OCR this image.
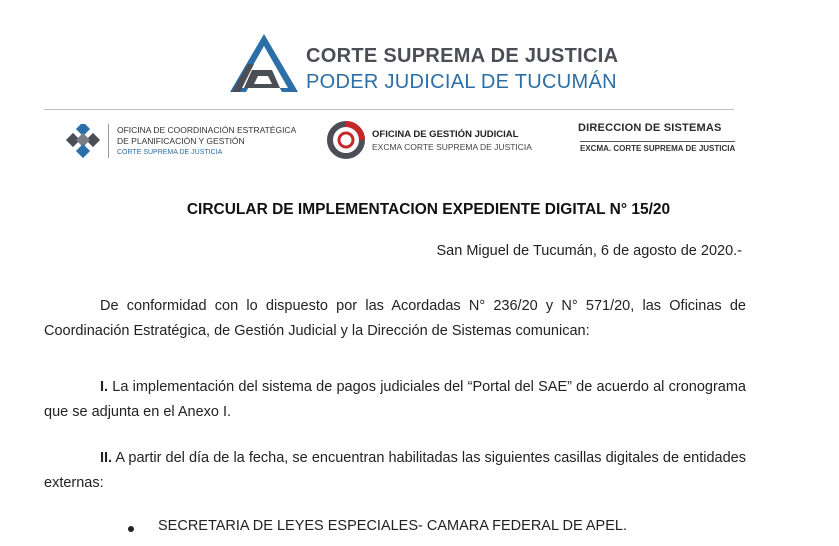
CORTE SUPREMA DE JUSTICIA
PODER JUDICIAL DE TUCUMÁN
OFICINA DE COORDINACIÓN ESTRATÉGICA
DE PLANIFICACIÓN Y GESTIÓN
CORTE SUPREMA DE JUSTICIA
OFICINA DE GESTIÓN JUDICIAL
EXCMA CORTE SUPREMA DE JUSTICIA
DIRECCION DE SISTEMAS
EXCMA. CORTE SUPREMA DE JUSTICIA
CIRCULAR DE IMPLEMENTACION EXPEDIENTE DIGITAL N° 15/20
San Miguel de Tucumán, 6 de agosto de 2020.-
De conformidad con lo dispuesto por las Acordadas N° 236/20 y N° 571/20, las Oficinas de Coordinación Estratégica, de Gestión Judicial y la Dirección de Sistemas comunican:
I. La implementación del sistema de pagos judiciales del “Portal del SAE” de acuerdo al cronograma que se adjunta en el Anexo I.
II. A partir del día de la fecha, se encuentran habilitadas las siguientes casillas digitales de entidades externas:
SECRETARIA DE LEYES ESPECIALES- CAMARA FEDERAL DE APEL.
